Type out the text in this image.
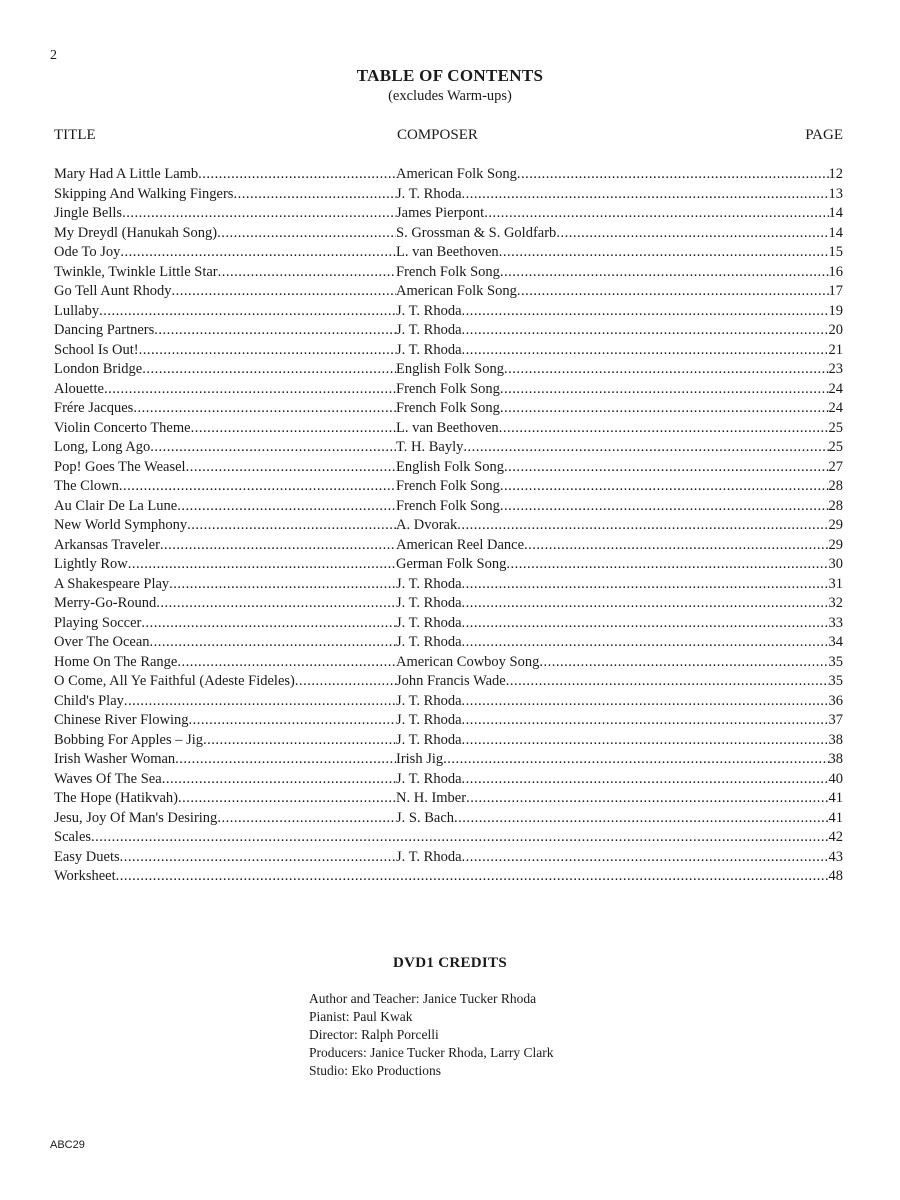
2
TABLE OF CONTENTS
(excludes Warm-ups)
TITLE	COMPOSER	PAGE
Mary Had A Little Lamb .....	American Folk Song .....	12
Skipping And Walking Fingers .....	J. T. Rhoda .....	13
Jingle Bells .....	James Pierpont .....	14
My Dreydl (Hanukah Song) .....	S. Grossman & S. Goldfarb .....	14
Ode To Joy .....	L. van Beethoven .....	15
Twinkle, Twinkle Little Star .....	French Folk Song .....	16
Go Tell Aunt Rhody .....	American Folk Song .....	17
Lullaby .....	J. T. Rhoda .....	19
Dancing Partners .....	J. T. Rhoda .....	20
School Is Out! .....	J. T. Rhoda .....	21
London Bridge .....	English Folk Song .....	23
Alouette .....	French Folk Song .....	24
Frére Jacques .....	French Folk Song .....	24
Violin Concerto Theme .....	L. van Beethoven .....	25
Long, Long Ago .....	T. H. Bayly .....	25
Pop! Goes The Weasel .....	English Folk Song .....	27
The Clown .....	French Folk Song .....	28
Au Clair De La Lune .....	French Folk Song .....	28
New World Symphony .....	A. Dvorak .....	29
Arkansas Traveler .....	American Reel Dance .....	29
Lightly Row .....	German Folk Song .....	30
A Shakespeare Play .....	J. T. Rhoda .....	31
Merry-Go-Round .....	J. T. Rhoda .....	32
Playing Soccer .....	J. T. Rhoda .....	33
Over The Ocean .....	J. T. Rhoda .....	34
Home On The Range .....	American Cowboy Song .....	35
O Come, All Ye Faithful (Adeste Fideles) .....	John Francis Wade .....	35
Child's Play .....	J. T. Rhoda .....	36
Chinese River Flowing .....	J. T. Rhoda .....	37
Bobbing For Apples – Jig .....	J. T. Rhoda .....	38
Irish Washer Woman .....	Irish Jig .....	38
Waves Of The Sea .....	J. T. Rhoda .....	40
The Hope (Hatikvah) .....	N. H. Imber .....	41
Jesu, Joy Of Man's Desiring .....	J. S. Bach .....	41
Scales ..... .....	42
Easy Duets .....	J. T. Rhoda .....	43
Worksheet ..... .....	48
DVD1 CREDITS
Author and Teacher: Janice Tucker Rhoda
Pianist: Paul Kwak
Director: Ralph Porcelli
Producers: Janice Tucker Rhoda, Larry Clark
Studio: Eko Productions
ABC29
